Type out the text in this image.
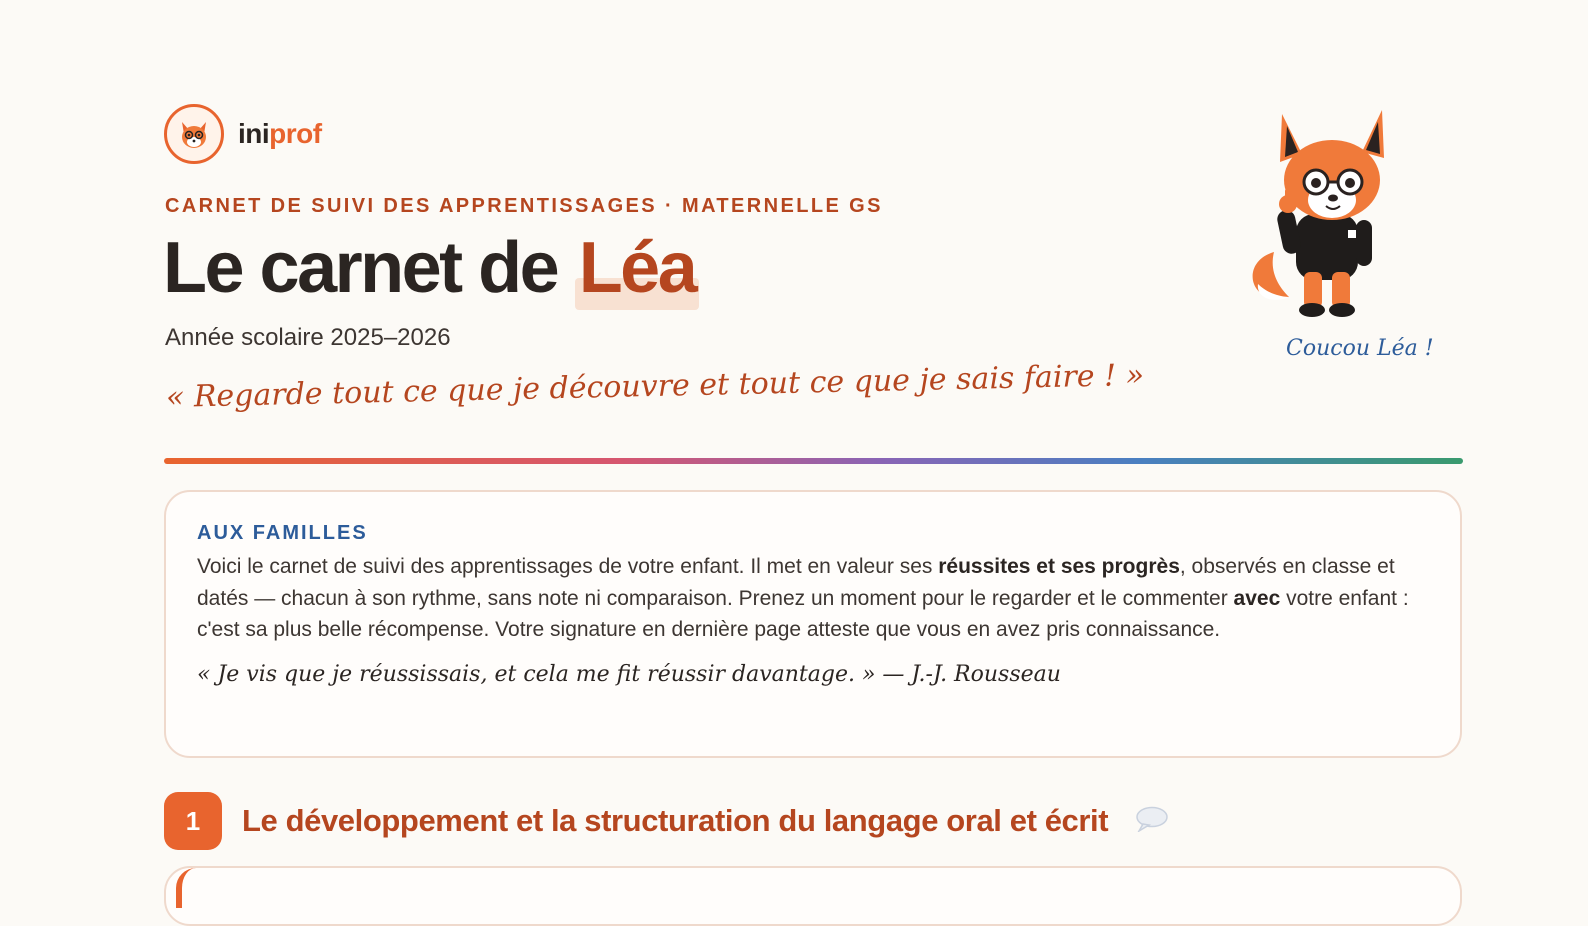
iniprof
CARNET DE SUIVI DES APPRENTISSAGES · MATERNELLE GS
Le carnet de Léa
Année scolaire 2025–2026
« Regarde tout ce que je découvre et tout ce que je sais faire ! »
Coucou Léa !
AUX FAMILLES

Voici le carnet de suivi des apprentissages de votre enfant. Il met en valeur ses réussites et ses progrès, observés en classe et datés — chacun à son rythme, sans note ni comparaison. Prenez un moment pour le regarder et le commenter avec votre enfant : c'est sa plus belle récompense. Votre signature en dernière page atteste que vous en avez pris connaissance.

« Je vis que je réussissais, et cela me fit réussir davantage. » — J.-J. Rousseau
1	Le développement et la structuration du langage oral et écrit
